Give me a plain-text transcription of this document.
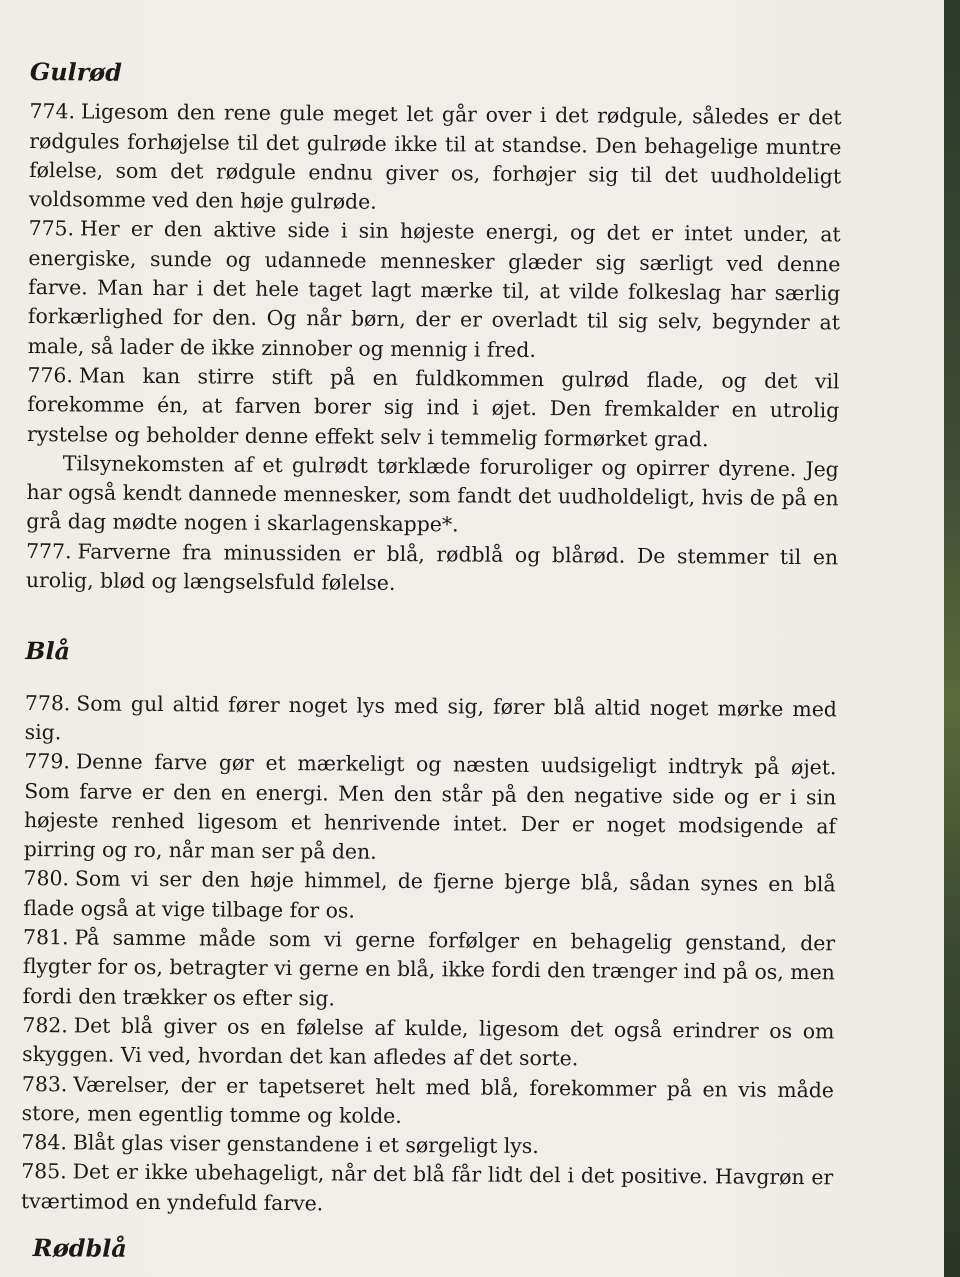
Gulrød

774. Ligesom den rene gule meget let går over i det rødgule, således er det rødgules forhøjelse til det gulrøde ikke til at standse. Den behagelige muntre følelse, som det rødgule endnu giver os, forhøjer sig til det uudholdeligt voldsomme ved den høje gulrøde.

775. Her er den aktive side i sin højeste energi, og det er intet under, at energiske, sunde og udannede mennesker glæder sig særligt ved denne farve. Man har i det hele taget lagt mærke til, at vilde folkeslag har særlig forkærlighed for den. Og når børn, der er overladt til sig selv, begynder at male, så lader de ikke zinnober og mennig i fred.

776. Man kan stirre stift på en fuldkommen gulrød flade, og det vil forekomme én, at farven borer sig ind i øjet. Den fremkalder en utrolig rystelse og beholder denne effekt selv i temmelig formørket grad.

Tilsynekomsten af et gulrødt tørklæde foruroliger og opirrer dyrene. Jeg har også kendt dannede mennesker, som fandt det uudholdeligt, hvis de på en grå dag mødte nogen i skarlagenskappe*.

777. Farverne fra minussiden er blå, rødblå og blårød. De stemmer til en urolig, blød og længselsfuld følelse.

Blå

778. Som gul altid fører noget lys med sig, fører blå altid noget mørke med sig.

779. Denne farve gør et mærkeligt og næsten uudsigeligt indtryk på øjet. Som farve er den en energi. Men den står på den negative side og er i sin højeste renhed ligesom et henrivende intet. Der er noget modsigende af pirring og ro, når man ser på den.

780. Som vi ser den høje himmel, de fjerne bjerge blå, sådan synes en blå flade også at vige tilbage for os.

781. På samme måde som vi gerne forfølger en behagelig genstand, der flygter for os, betragter vi gerne en blå, ikke fordi den trænger ind på os, men fordi den trækker os efter sig.

782. Det blå giver os en følelse af kulde, ligesom det også erindrer os om skyggen. Vi ved, hvordan det kan afledes af det sorte.

783. Værelser, der er tapetseret helt med blå, forekommer på en vis måde store, men egentlig tomme og kolde.

784. Blåt glas viser genstandene i et sørgeligt lys.

785. Det er ikke ubehageligt, når det blå får lidt del i det positive. Havgrøn er tværtimod en yndefuld farve.

Rødblå
